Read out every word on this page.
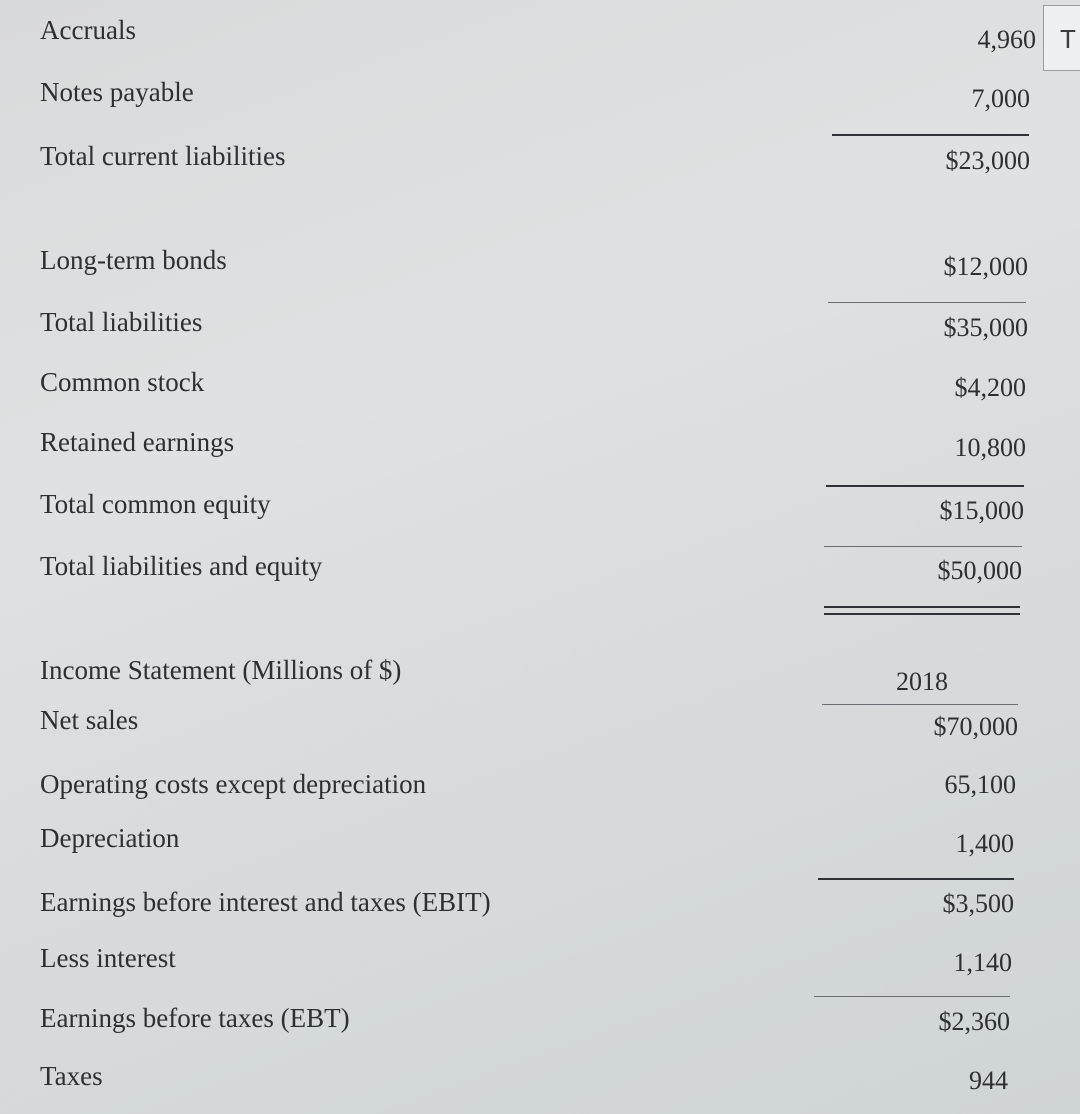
T
Accruals	4,960
Notes payable	7,000
Total current liabilities	$23,000
Long-term bonds	$12,000
Total liabilities	$35,000
Common stock	$4,200
Retained earnings	10,800
Total common equity	$15,000
Total liabilities and equity	$50,000
Income Statement (Millions of $)	2018
Net sales	$70,000
Operating costs except depreciation	65,100
Depreciation	1,400
Earnings before interest and taxes (EBIT)	$3,500
Less interest	1,140
Earnings before taxes (EBT)	$2,360
Taxes	944
